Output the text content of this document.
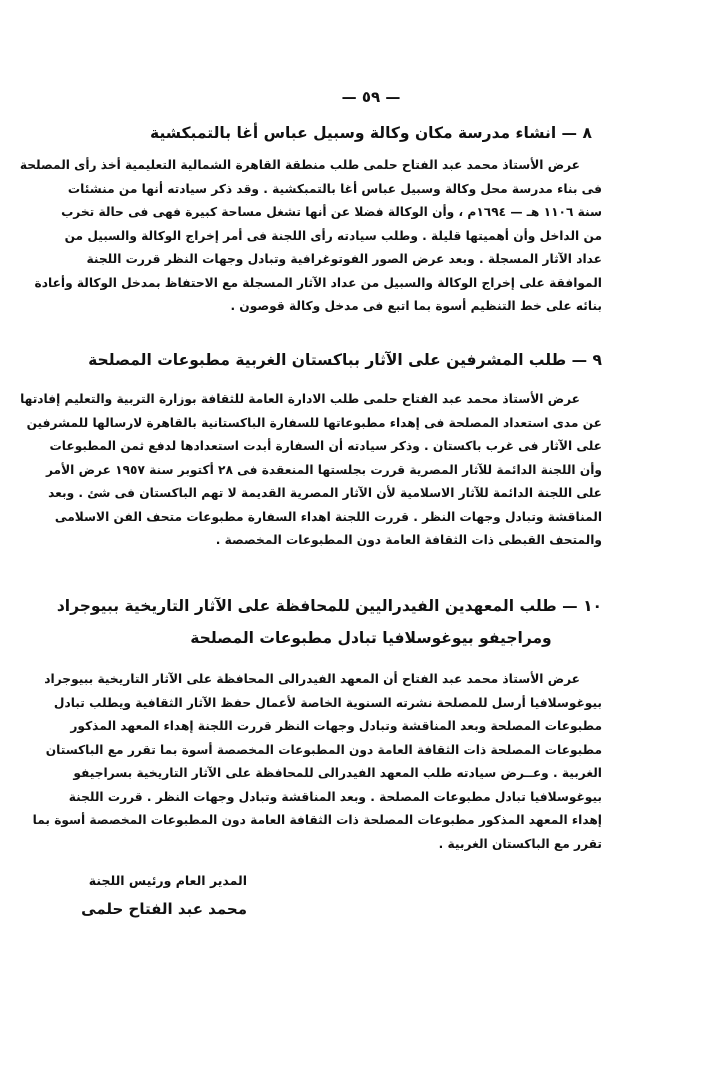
— ٥٩ —
٨ — انشاء مدرسة مكان وكالة وسبيل عباس أغا بالتمبكشية
عرض الأستاذ محمد عبد الفتاح حلمى طلب منطقة القاهرة الشمالية التعليمية أخذ رأى المصلحة
فى بناء مدرسة محل وكالة وسبيل عباس أغا بالتمبكشية . وقد ذكر سيادته أنها من منشئات
سنة ١١٠٦ هـ — ١٦٩٤م ، وأن الوكالة فضلا عن أنها تشغل مساحة كبيرة فهى فى حالة تخرب
من الداخل وأن أهميتها قليلة . وطلب سيادته رأى اللجنة فى أمر إخراج الوكالة والسبيل من
عداد الآثار المسجلة . وبعد عرض الصور الفوتوغرافية وتبادل وجهات النظر قررت اللجنة
الموافقة على إخراج الوكالة والسبيل من عداد الآثار المسجلة مع الاحتفاظ بمدخل الوكالة وأعادة
بنائه على خط التنظيم أسوة بما اتبع فى مدخل وكالة قوصون .
٩ — طلب المشرفين على الآثار بباكستان الغربية مطبوعات المصلحة
عرض الأستاذ محمد عبد الفتاح حلمى طلب الادارة العامة للثقافة بوزارة التربية والتعليم إفادتها
عن مدى استعداد المصلحة فى إهداء مطبوعاتها للسفارة الباكستانية بالقاهرة لارسالها للمشرفين
على الآثار فى غرب باكستان . وذكر سيادته أن السفارة أبدت استعدادها لدفع ثمن المطبوعات
وأن اللجنة الدائمة للآثار المصرية قررت بجلستها المنعقدة فى ٢٨ أكتوبر سنة ١٩٥٧ عرض الأمر
على اللجنة الدائمة للآثار الاسلامية لأن الآثار المصرية القديمة لا تهم الباكستان فى شئ . وبعد
المناقشة وتبادل وجهات النظر . قررت اللجنة اهداء السفارة مطبوعات متحف الفن الاسلامى
والمتحف القبطى ذات الثقافة العامة دون المطبوعات المخصصة .
١٠ — طلب المعهدين الفيدراليين للمحافظة على الآثار التاريخية ببيوجراد
ومراجيفو بيوغوسلافيا تبادل مطبوعات المصلحة
عرض الأستاذ محمد عبد الفتاح أن المعهد الفيدرالى المحافظة على الآثار التاريخية ببيوجراد
بيوغوسلافيا أرسل للمصلحة نشرته السنوية الخاصة لأعمال حفظ الآثار الثقافية ويطلب تبادل
مطبوعات المصلحة وبعد المناقشة وتبادل وجهات النظر قررت اللجنة إهداء المعهد المذكور
مطبوعات المصلحة ذات الثقافة العامة دون المطبوعات المخصصة أسوة بما تقرر مع الباكستان
الغربية . وعــرض سيادته طلب المعهد الفيدرالى للمحافظة على الآثار التاريخية بسراجيفو
بيوغوسلافيا تبادل مطبوعات المصلحة . وبعد المناقشة وتبادل وجهات النظر . قررت اللجنة
إهداء المعهد المذكور مطبوعات المصلحة ذات الثقافة العامة دون المطبوعات المخصصة أسوة بما
تقرر مع الباكستان الغربية .
المدير العام ورئيس اللجنة
محمد عبد الفتاح حلمى
